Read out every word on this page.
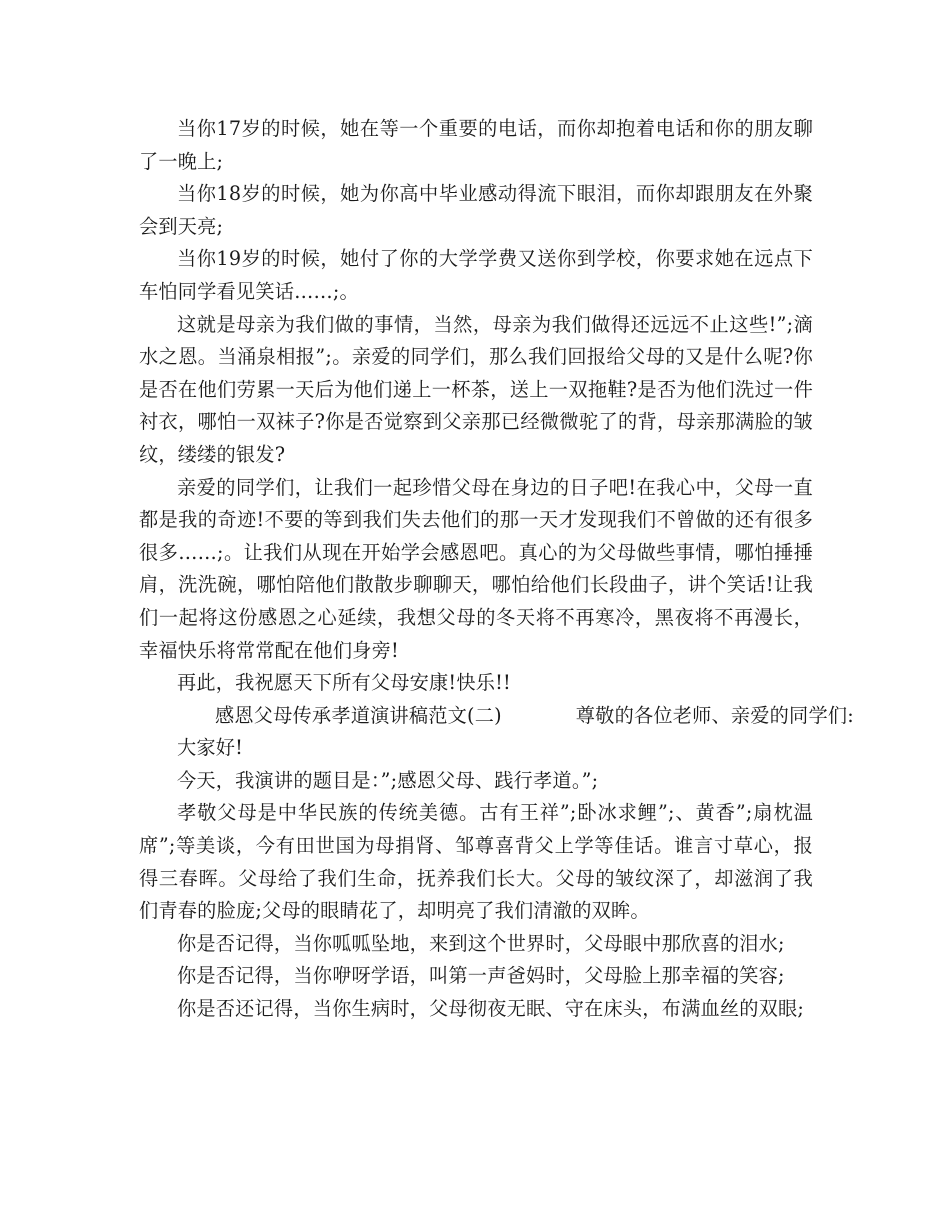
当你17岁的时候，她在等一个重要的电话，而你却抱着电话和你的朋友聊了一晚上;

当你18岁的时候，她为你高中毕业感动得流下眼泪，而你却跟朋友在外聚会到天亮;

当你19岁的时候，她付了你的大学学费又送你到学校，你要求她在远点下车怕同学看见笑话……;。

这就是母亲为我们做的事情，当然，母亲为我们做得还远远不止这些!”;滴水之恩。当涌泉相报”;。亲爱的同学们，那么我们回报给父母的又是什么呢?你是否在他们劳累一天后为他们递上一杯茶，送上一双拖鞋?是否为他们洗过一件衬衣，哪怕一双袜子?你是否觉察到父亲那已经微微驼了的背，母亲那满脸的皱纹，缕缕的银发?

亲爱的同学们，让我们一起珍惜父母在身边的日子吧!在我心中，父母一直都是我的奇迹!不要的等到我们失去他们的那一天才发现我们不曾做的还有很多很多……;。让我们从现在开始学会感恩吧。真心的为父母做些事情，哪怕捶捶肩，洗洗碗，哪怕陪他们散散步聊聊天，哪怕给他们长段曲子，讲个笑话!让我们一起将这份感恩之心延续，我想父母的冬天将不再寒冷，黑夜将不再漫长，幸福快乐将常常配在他们身旁!

再此，我祝愿天下所有父母安康!快乐!!

感恩父母传承孝道演讲稿范文(二)	尊敬的各位老师、亲爱的同学们:

大家好!

今天，我演讲的题目是：”;感恩父母、践行孝道。”;

孝敬父母是中华民族的传统美德。古有王祥”;卧冰求鲤”;、黄香”;扇枕温席”;等美谈，今有田世国为母捐肾、邹尊喜背父上学等佳话。谁言寸草心，报得三春晖。父母给了我们生命，抚养我们长大。父母的皱纹深了，却滋润了我们青春的脸庞;父母的眼睛花了，却明亮了我们清澈的双眸。

你是否记得，当你呱呱坠地，来到这个世界时，父母眼中那欣喜的泪水;

你是否记得，当你咿呀学语，叫第一声爸妈时，父母脸上那幸福的笑容;

你是否还记得，当你生病时，父母彻夜无眠、守在床头，布满血丝的双眼;
